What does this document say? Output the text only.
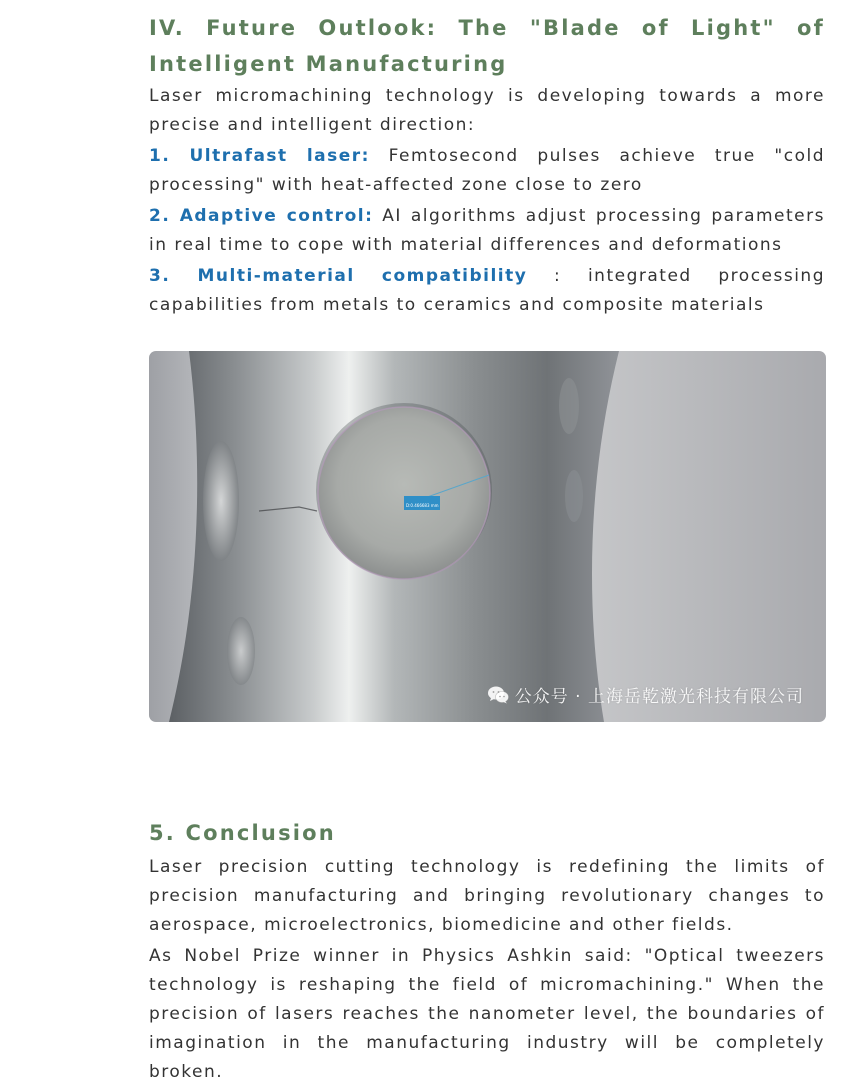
IV. Future Outlook: The "Blade of Light" of Intelligent Manufacturing

Laser micromachining technology is developing towards a more precise and intelligent direction:

1. Ultrafast laser: Femtosecond pulses achieve true "cold processing" with heat-affected zone close to zero

2. Adaptive control: AI algorithms adjust processing parameters in real time to cope with material differences and deformations

3. Multi-material compatibility : integrated processing capabilities from metals to ceramics and composite materials

D:0.466683 mm
公众号 · 上海岳乾激光科技有限公司
5. Conclusion

Laser precision cutting technology is redefining the limits of precision manufacturing and bringing revolutionary changes to aerospace, microelectronics, biomedicine and other fields.

As Nobel Prize winner in Physics Ashkin said: "Optical tweezers technology is reshaping the field of micromachining." When the precision of lasers reaches the nanometer level, the boundaries of imagination in the manufacturing industry will be completely broken.
